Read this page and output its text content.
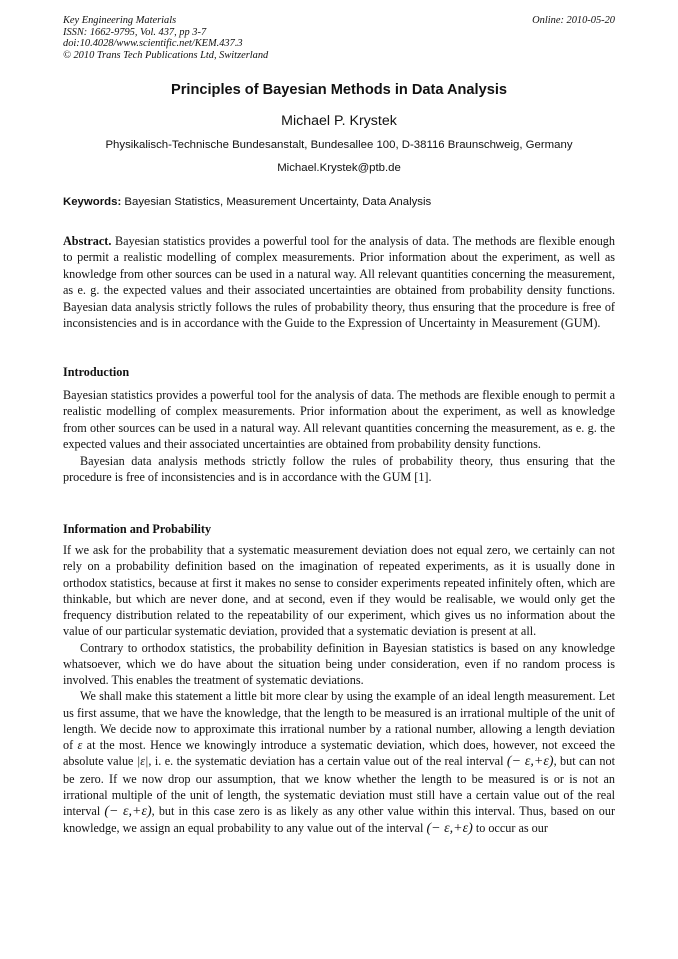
Key Engineering Materials
ISSN: 1662-9795, Vol. 437, pp 3-7
doi:10.4028/www.scientific.net/KEM.437.3
© 2010 Trans Tech Publications Ltd, Switzerland
Online: 2010-05-20
Principles of Bayesian Methods in Data Analysis
Michael P. Krystek
Physikalisch-Technische Bundesanstalt, Bundesallee 100, D-38116 Braunschweig, Germany
Michael.Krystek@ptb.de
Keywords: Bayesian Statistics, Measurement Uncertainty, Data Analysis

Abstract. Bayesian statistics provides a powerful tool for the analysis of data. The methods are flexible enough to permit a realistic modelling of complex measurements. Prior information about the experiment, as well as knowledge from other sources can be used in a natural way. All relevant quantities concerning the measurement, as e. g. the expected values and their associated uncertainties are obtained from probability density functions. Bayesian data analysis strictly follows the rules of probability theory, thus ensuring that the procedure is free of inconsistencies and is in accordance with the Guide to the Expression of Uncertainty in Measurement (GUM).

Introduction

Bayesian statistics provides a powerful tool for the analysis of data. The methods are flexible enough to permit a realistic modelling of complex measurements. Prior information about the experiment, as well as knowledge from other sources can be used in a natural way. All relevant quantities concerning the measurement, as e. g. the expected values and their associated uncertainties are obtained from probability density functions.

Bayesian data analysis methods strictly follow the rules of probability theory, thus ensuring that the procedure is free of inconsistencies and is in accordance with the GUM [1].

Information and Probability

If we ask for the probability that a systematic measurement deviation does not equal zero, we certainly can not rely on a probability definition based on the imagination of repeated experiments, as it is usually done in orthodox statistics, because at first it makes no sense to consider experiments repeated infinitely often, which are thinkable, but which are never done, and at second, even if they would be realisable, we would only get the frequency distribution related to the repeatability of our experiment, which gives us no information about the value of our particular systematic deviation, provided that a systematic deviation is present at all.

Contrary to orthodox statistics, the probability definition in Bayesian statistics is based on any knowledge whatsoever, which we do have about the situation being under consideration, even if no random process is involved. This enables the treatment of systematic deviations.

We shall make this statement a little bit more clear by using the example of an ideal length measurement. Let us first assume, that we have the knowledge, that the length to be measured is an irrational multiple of the unit of length. We decide now to approximate this irrational number by a rational number, allowing a length deviation of ε at the most. Hence we knowingly introduce a systematic deviation, which does, however, not exceed the absolute value |ε|, i. e. the systematic deviation has a certain value out of the real interval (− ε,+ε), but can not be zero. If we now drop our assumption, that we know whether the length to be measured is or is not an irrational multiple of the unit of length, the systematic deviation must still have a certain value out of the real interval (− ε,+ε), but in this case zero is as likely as any other value within this interval. Thus, based on our knowledge, we assign an equal probability to any value out of the interval (− ε,+ε) to occur as our
